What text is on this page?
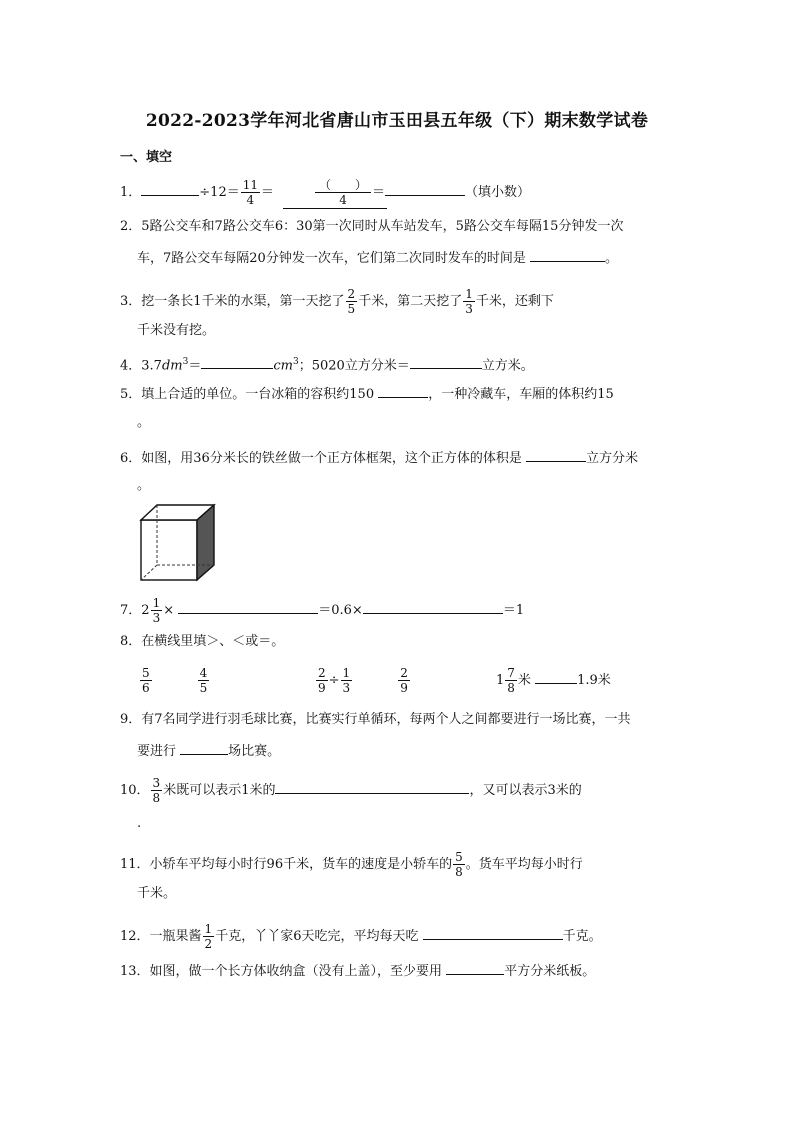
2022-2023学年河北省唐山市玉田县五年级（下）期末数学试卷
一、填空
1．	$\div 12= \frac{11}{4}$ ＝	$\frac{( )}{4}$ ＝	（填小数）
2．5路公交车和7路公交车6：30第一次同时从车站发车，5路公交车每隔15分钟发一次
车，7路公交车每隔20分钟发一次车，它们第二次同时发车的时间是	。
3．挖一条长1千米的水渠，第一天挖了 $\frac{2}{5}$ 千米，第二天挖了 $\frac{1}{3}$ 千米，还剩下
千米没有挖。
4．$3.7dm^3=$	$cm^3$；5020立方分米＝	立方米。
5．填上合适的单位。一台冰箱的容积约150	，一种冷藏车，车厢的体积约15
。
6．如图，用36分米长的铁丝做一个正方体框架，这个正方体的体积是	立方分米
。
7．$2 \frac{1}{3}$ ×	＝0.6×	＝1
8．在横线里填＞、＜或＝。
$\frac{5}{6}$	$\frac{4}{5}$	$\frac{2}{9} \div \frac{1}{3}$	$\frac{2}{9}$	$1 \frac{7}{8}$ 米	1.9米
9．有7名同学进行羽毛球比赛，比赛实行单循环，每两个人之间都要进行一场比赛，一共
要进行	场比赛。
10． $\frac{3}{8}$ 米既可以表示1米的	，又可以表示3米的
.
11．小轿车平均每小时行96千米，货车的速度是小轿车的 $\frac{5}{8}$ 。货车平均每小时行
千米。
12．一瓶果酱 $\frac{1}{2}$ 千克，丫丫家6天吃完，平均每天吃	千克。
13．如图，做一个长方体收纳盒（没有上盖），至少要用	平方分米纸板。
